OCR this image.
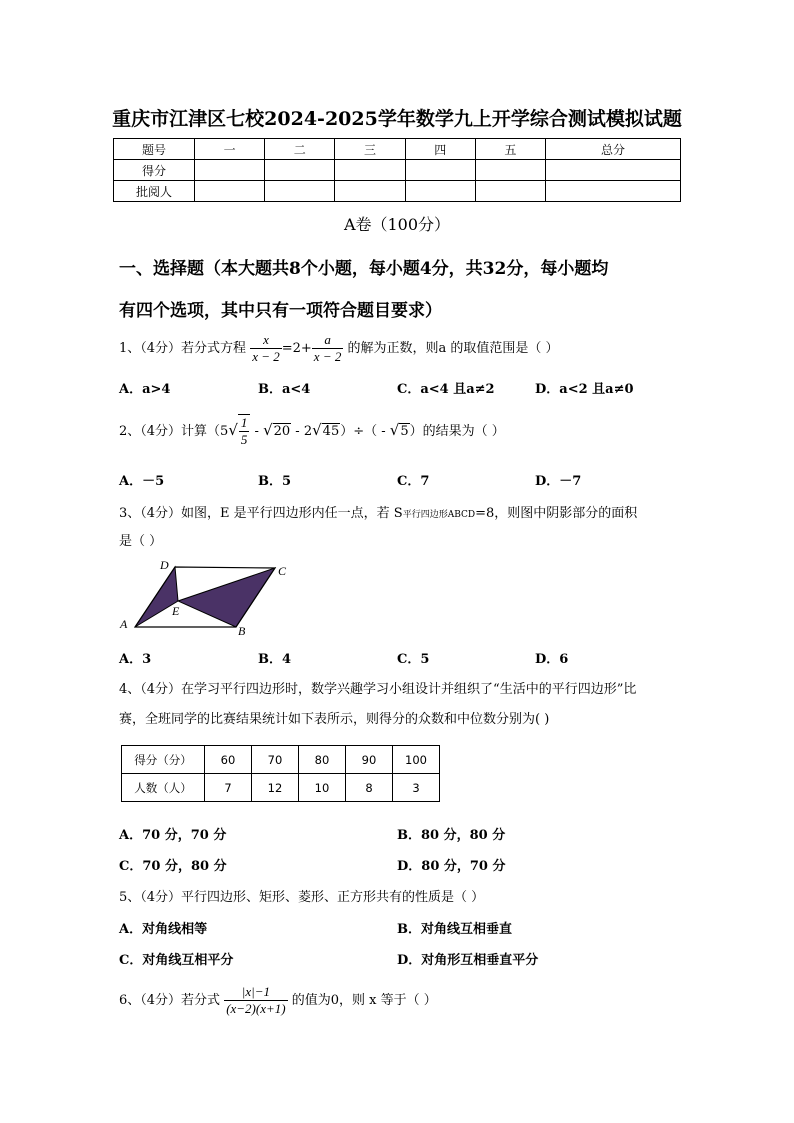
重庆市江津区七校2024-2025学年数学九上开学综合测试模拟试题
题号	一	二	三	四	五	总分
得分						
批阅人						
A卷（100分）
一、选择题（本大题共8个小题，每小题4分，共32分，每小题均
有四个选项，其中只有一项符合题目要求）
1、（4分）若分式方程 $\frac{x}{x - 2} =2+ \frac{a}{x - 2}$ 的解为正数，则a 的取值范围是（ ）
A．a>4	B．a<4	C．a<4 且a≠2	D．a<2 且a≠0
2、（4分）计算$(5√ \frac{1}{5} - √20 - 2√45)\div( - √5)$的结果为（ ）
A．－5	B．5	C．7	D．－7
3、（4分）如图，E 是平行四边形内任一点，若 S平行四边形ABCD=8，则图中阴影部分的面积
是（ ）
D	C
E
A	B
A．3	B．4	C．5	D．6
4、（4分）在学习平行四边形时，数学兴趣学习小组设计并组织了“生活中的平行四边形”比
赛，全班同学的比赛结果统计如下表所示，则得分的众数和中位数分别为( )
得分（分）	60	70	80	90	100
人数（人）	7	12	10	8	3
A．70 分，70 分	B．80 分，80 分
C．70 分，80 分	D．80 分，70 分
5、（4分）平行四边形、矩形、菱形、正方形共有的性质是（ ）
A．对角线相等	B．对角线互相垂直
C．对角线互相平分	D．对角形互相垂直平分
6、（4分）若分式 $\frac{|x|-1}{(x-2)(x+1)}$ 的值为0，则 x 等于（ ）
